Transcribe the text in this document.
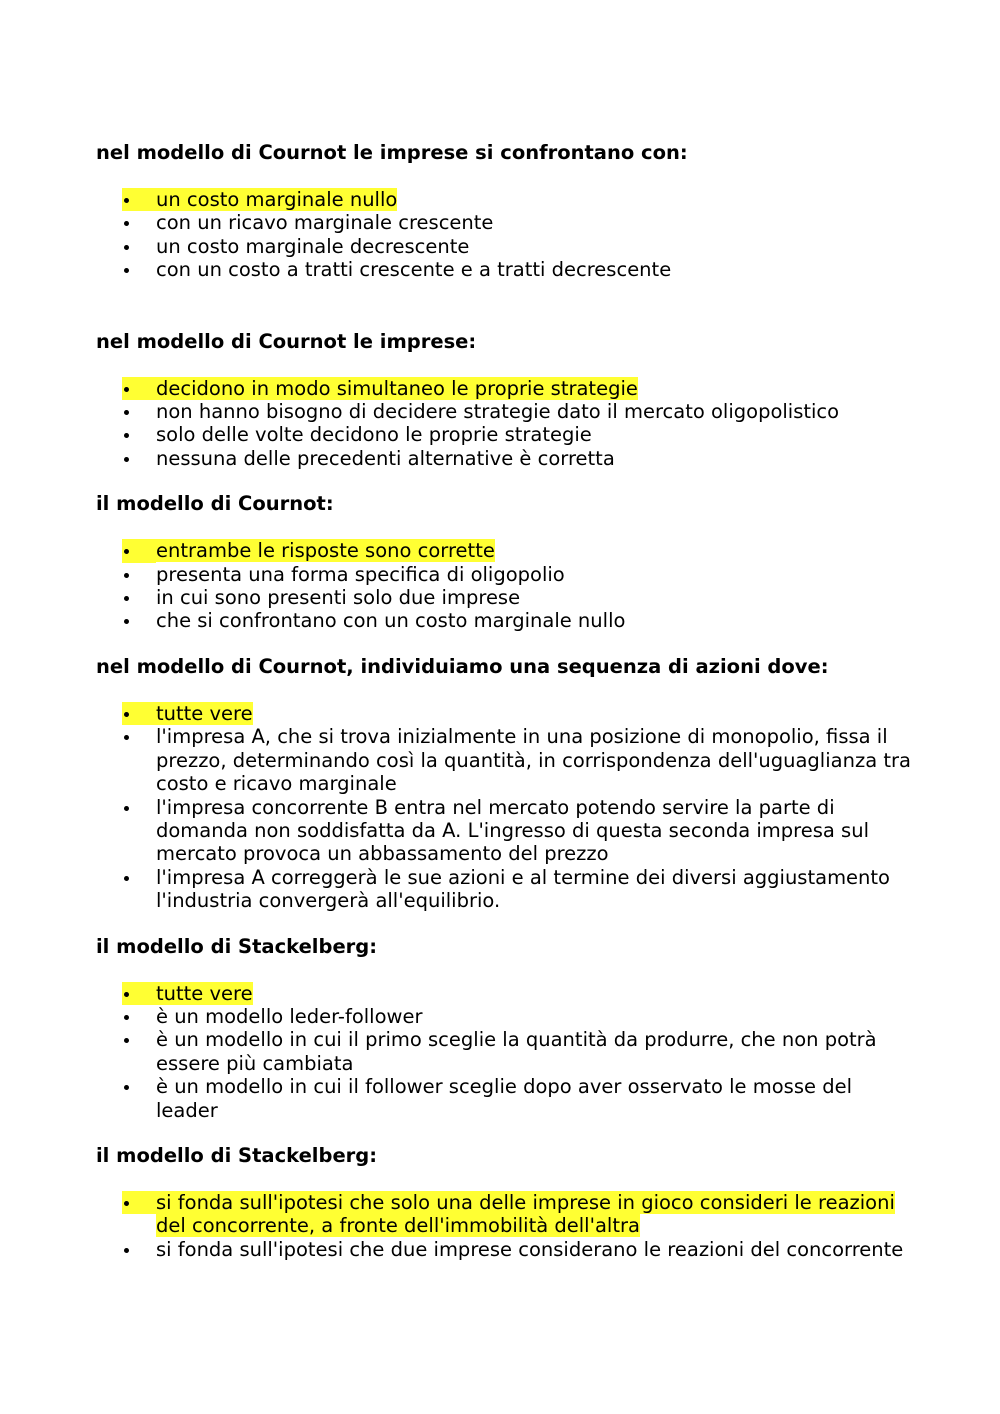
nel modello di Cournot le imprese si confrontano con:

un costo marginale nullo
con un ricavo marginale crescente
un costo marginale decrescente
con un costo a tratti crescente e a tratti decrescente

nel modello di Cournot le imprese:

decidono in modo simultaneo le proprie strategie
non hanno bisogno di decidere strategie dato il mercato oligopolistico
solo delle volte decidono le proprie strategie
nessuna delle precedenti alternative è corretta

il modello di Cournot:

entrambe le risposte sono corrette
presenta una forma specifica di oligopolio
in cui sono presenti solo due imprese
che si confrontano con un costo marginale nullo

nel modello di Cournot, individuiamo una sequenza di azioni dove:

tutte vere
l'impresa A, che si trova inizialmente in una posizione di monopolio, fissa il prezzo, determinando così la quantità, in corrispondenza dell'uguaglianza tra costo e ricavo marginale
l'impresa concorrente B entra nel mercato potendo servire la parte di domanda non soddisfatta da A. L'ingresso di questa seconda impresa sul mercato provoca un abbassamento del prezzo
l'impresa A correggerà le sue azioni e al termine dei diversi aggiustamento l'industria convergerà all'equilibrio.

il modello di Stackelberg:

tutte vere
è un modello leder-follower
è un modello in cui il primo sceglie la quantità da produrre, che non potrà essere più cambiata
è un modello in cui il follower sceglie dopo aver osservato le mosse del leader

il modello di Stackelberg:

si fonda sull'ipotesi che solo una delle imprese in gioco consideri le reazioni del concorrente, a fronte dell'immobilità dell'altra
si fonda sull'ipotesi che due imprese considerano le reazioni del concorrente
